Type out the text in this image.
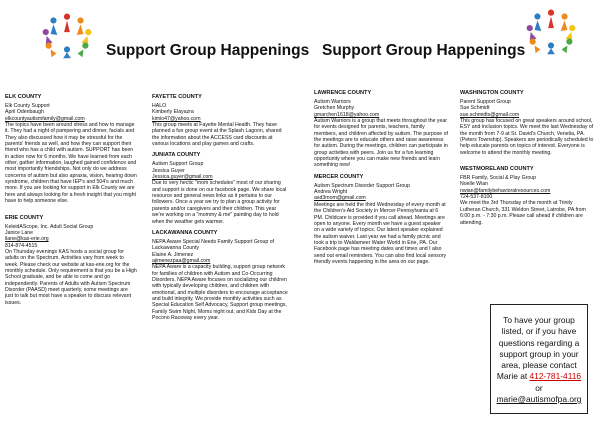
Support Group Happenings
ELK COUNTY
Elk County Support
April Odenbaugh
elkcountyautismfamily@gmail.com

The topics have been around stress and how to manage it. They had a night of pampering and dinner, facials and They also discussed how it may be stressful for the parents' friends as well, and how they can support their friend who has a child with autism. SUPPORT has been in action now for 6 months. We have learned from each other, gather information, laughed gained confidence and most importantly friendships. Not only do we address concerns of autism but also apraxia, vision, hearing down syndrome, children that have IEP's and 504's and much more. If you are looking for support in Elk County we are here and always looking for a fresh insight that you might have to help someone else.

ERIE COUNTY
KeleidAScope, Inc. Adult Social Group
Janice Lane
ilane@kas-erie.org
814-874-4515

On Thursday evenings KAS hosts a social group for adults on the Spectrum. Activities vary from week to week. Please check our website at kas-erie.org for the monthly schedule. Only requirement is that you be a High School graduate, and be able to come and go independently. Parents of Adults with Autism Spectrum Disorder (PAASD) meet quarterly, some meetings are just to talk but most have a speaker to discuss relevant issues.

FAYETTE COUNTY
HALO
Kimberly Elayazra
kimio47@yahoo.com

This group meets at Fayette Mental Health. They have planned a fun group event at the Splash Lagoon, shared the information about the ACCESS card discounts at various locations and play games and crafts.

JUNIATA COUNTY
Autism Support Group
Jessica Guyer
Jessica.guyer@gmail.com

Due to very hectic "mom schedules" most of our sharing and support is done on our facebook page. We share local resource and general news links as it pertains to our followers. Once a year we try to plan a group activity for parents and/or caregivers and their children. This year we're working on a "mommy & me" painting day to hold when the weather gets warmer.

LACKAWANNA COUNTY
NEPA Aware Special Needs Family Support Group of Lackawanna County
Elaine A. Jimenez
ajimenezpaa@gmail.com

NEPA Aware is a capacity building, support group network for families of children with Autism and Co-Occurring Disorders. NEPA Aware focuses on socializing our children with typically developing children, and children with emotional, and multiple disorders to encourage acceptance and build integrity. We provide monthly activities such as Special Education Self Advocacy, Support group meetings, Family Swim Night, Moms night out, and Kids Day at the Pocono Raceway every year.

Support Group Happenings
LAWRENCE COUNTY
Autism Warriors
Gretchen Murphy
gmarchen1618@yahoo.com

Autism Warriors is a group that meets throughout the year for events designed for parents, teachers, family members, and children affected by autism. The purpose of the meetings are to educate others and raise awareness for autism. During the meetings, children can participate in group activities with peers. Join us for a fun learning opportunity where you can make new friends and learn something new!

MERCER COUNTY
Autism Spectrum Disorder Support Group
Andrea Wright
asd3mom@gmail.com

Meetings are held the third Wednesday of every month at the Children's Aid Society in Mercer Pennsylvania at 6 PM. Childcare is provided if you call ahead. Meetings are open to anyone. Every month we have a guest speaker on a wide variety of topics. Our latest speaker explained the autism waiver. Last year we had a family picnic and took a trip to Waldameer Water World in Erie, PA. Our Facebook page has meeting dates and times and I also send out email reminders. You can also find local sensory friendly events happening in the area on our page.

WASHINGTON COUNTY
Parent Support Group
Sue Schmidt
sue.schmidts@gmail.com

This group has focused on great speakers around school, ESY and inclusion topics. We meet the last Wednesday of the month from 7-9 at St. David's Church, Venetia, PA. (Peters Township). Speakers are periodically scheduled to help educate parents on topics of interest. Everyone is welcome to attend the monthly meeting.

WESTMORELAND COUNTY
FBR Family, Social & Play Group
Noelle Wian
nwian@familybehavioralresources.com
724-537-8100

We meet the 3rd Thursday of the month at Trinity Lutheran Church, 331 Weldon Street, Latrobe, PA from 6:00 p.m. - 7:30 p.m. Please call ahead if children are attending.

To have your group listed, or if you have questions regarding a support group in your area, please contact Marie at 412-781-4116
or
marie@autismofpa.org
